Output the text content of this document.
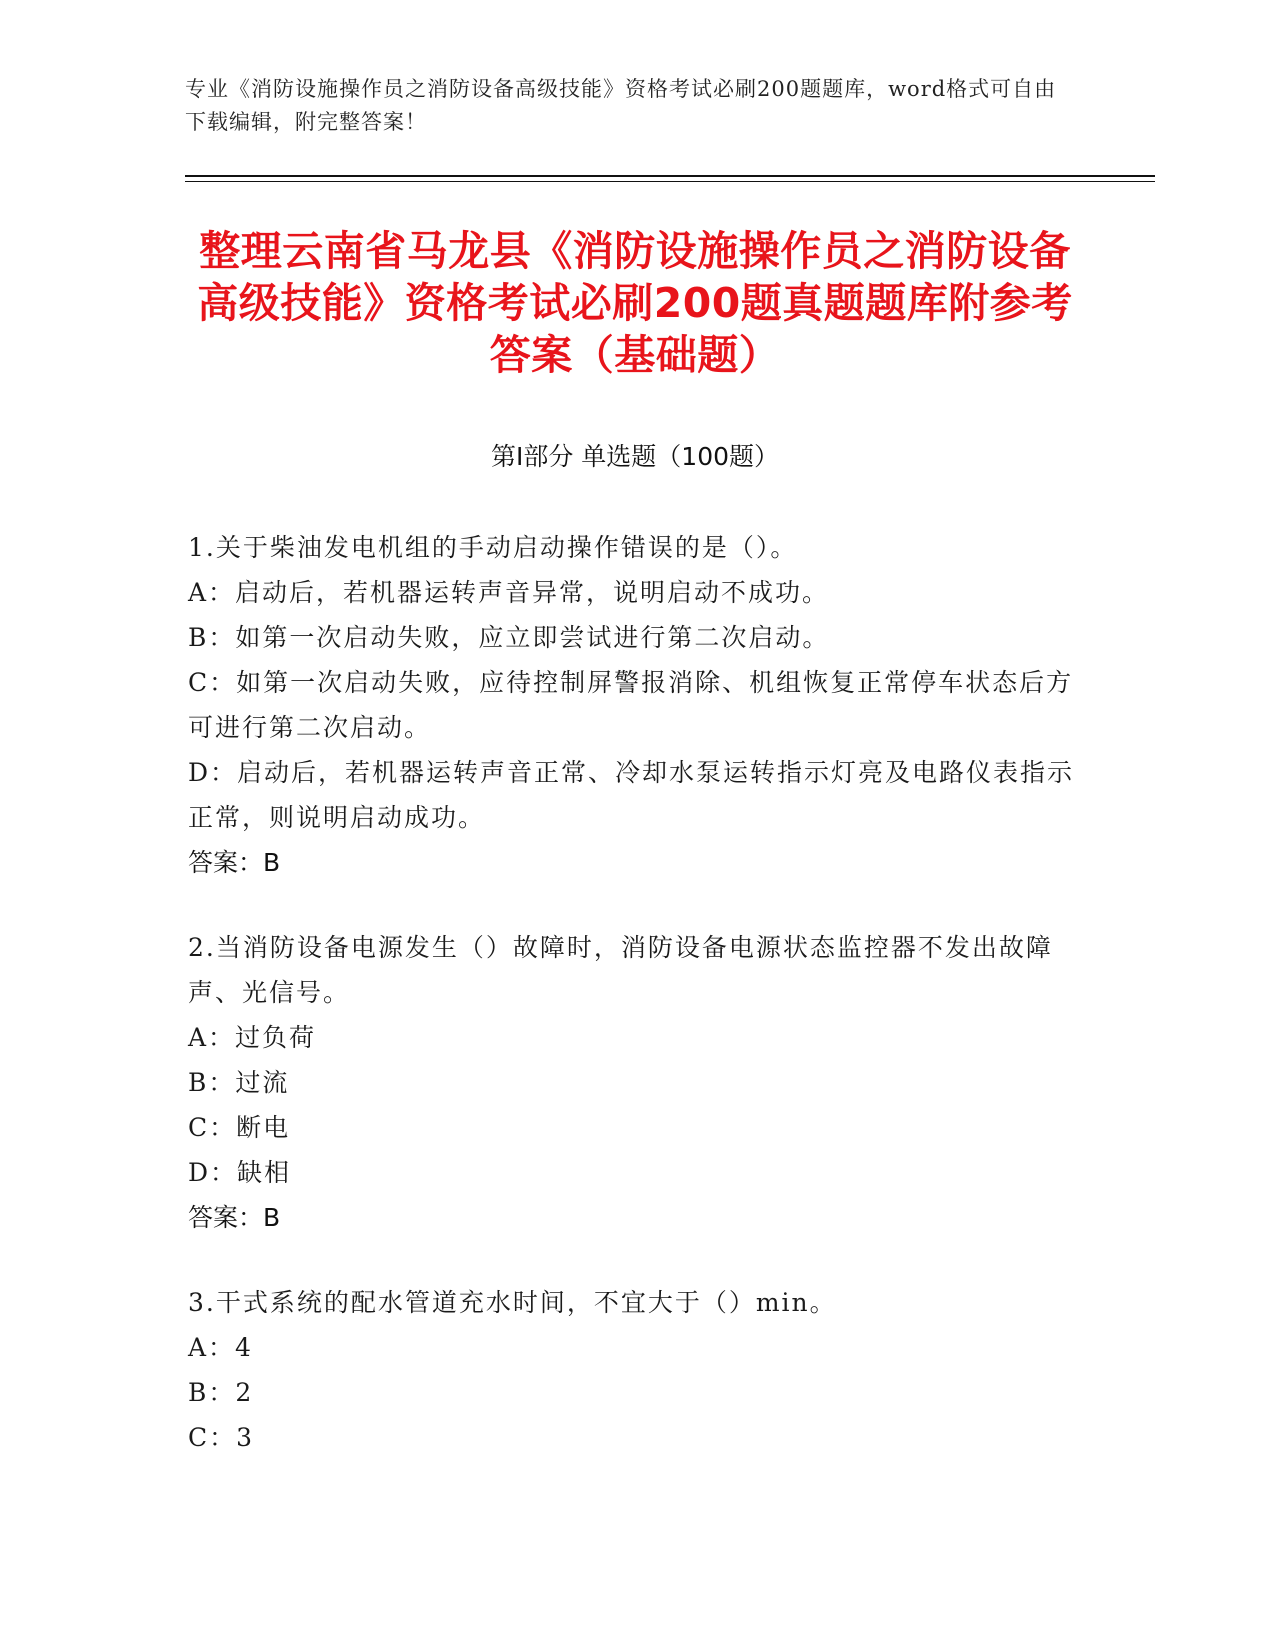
专业《消防设施操作员之消防设备高级技能》资格考试必刷200题题库，word格式可自由下载编辑，附完整答案！
整理云南省马龙县《消防设施操作员之消防设备高级技能》资格考试必刷200题真题题库附参考答案（基础题）
第Ⅰ部分 单选题（100题）
1.关于柴油发电机组的手动启动操作错误的是（）。
A：启动后，若机器运转声音异常，说明启动不成功。
B：如第一次启动失败，应立即尝试进行第二次启动。
C：如第一次启动失败，应待控制屏警报消除、机组恢复正常停车状态后方可进行第二次启动。
D：启动后，若机器运转声音正常、冷却水泵运转指示灯亮及电路仪表指示正常，则说明启动成功。
答案：B
2.当消防设备电源发生（）故障时，消防设备电源状态监控器不发出故障声、光信号。
A：过负荷
B：过流
C：断电
D：缺相
答案：B
3.干式系统的配水管道充水时间，不宜大于（）min。
A：4
B：2
C：3
